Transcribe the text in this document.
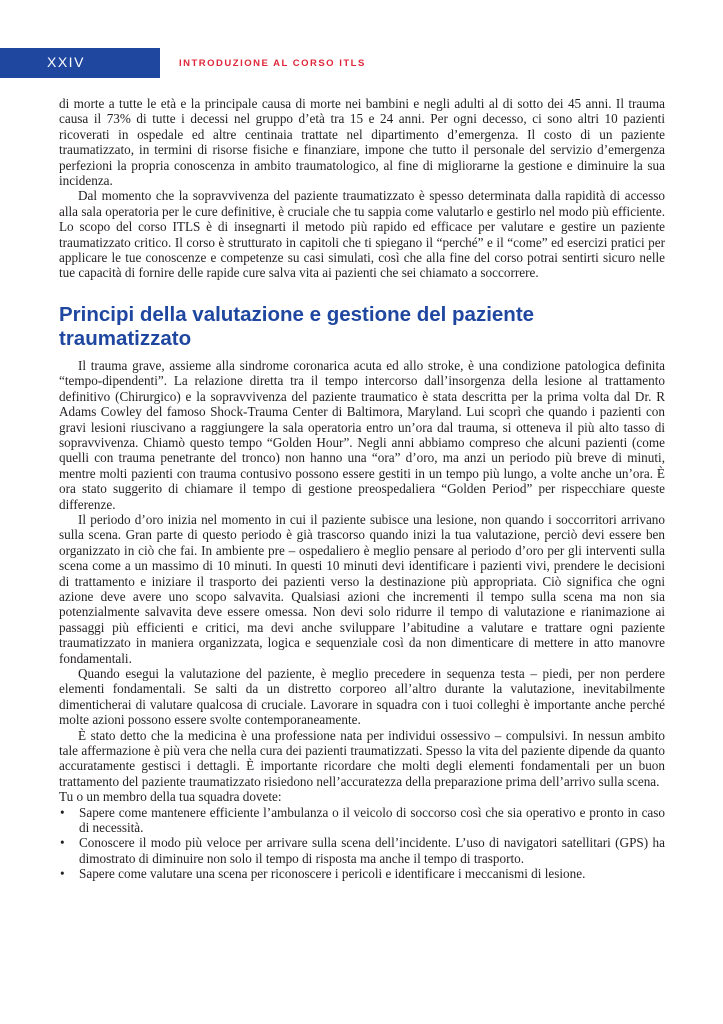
XXIV	INTRODUZIONE AL CORSO ITLS

di morte a tutte le età e la principale causa di morte nei bambini e negli adulti al di sotto dei 45 anni. Il trauma causa il 73% di tutte i decessi nel gruppo d’età tra 15 e 24 anni. Per ogni decesso, ci sono altri 10 pazienti ricoverati in ospedale ed altre centinaia trattate nel dipartimento d’emergenza. Il costo di un paziente traumatizzato, in termini di risorse fisiche e finanziare, impone che tutto il personale del servizio d’emergenza perfezioni la propria conoscenza in ambito traumatologico, al fine di migliorarne la gestione e diminuire la sua incidenza.

Dal momento che la sopravvivenza del paziente traumatizzato è spesso determinata dalla rapidità di accesso alla sala operatoria per le cure definitive, è cruciale che tu sappia come valutarlo e gestirlo nel modo più efficiente. Lo scopo del corso ITLS è di insegnarti il metodo più rapido ed efficace per valutare e gestire un paziente traumatizzato critico. Il corso è strutturato in capitoli che ti spiegano il “perché” e il “come” ed esercizi pratici per applicare le tue conoscenze e competenze su casi simulati, così che alla fine del corso potrai sentirti sicuro nelle tue capacità di fornire delle rapide cure salva vita ai pazienti che sei chiamato a soccorrere.

Principi della valutazione e gestione del paziente traumatizzato

Il trauma grave, assieme alla sindrome coronarica acuta ed allo stroke, è una condizione patologica definita “tempo-dipendenti”. La relazione diretta tra il tempo intercorso dall’insorgenza della lesione al trattamento definitivo (Chirurgico) e la sopravvivenza del paziente traumatico è stata descritta per la prima volta dal Dr. R Adams Cowley del famoso Shock-Trauma Center di Baltimora, Maryland. Lui scoprì che quando i pazienti con gravi lesioni riuscivano a raggiungere la sala operatoria entro un’ora dal trauma, si otteneva il più alto tasso di sopravvivenza. Chiamò questo tempo “Golden Hour”. Negli anni abbiamo compreso che alcuni pazienti (come quelli con trauma penetrante del tronco) non hanno una “ora” d’oro, ma anzi un periodo più breve di minuti, mentre molti pazienti con trauma contusivo possono essere gestiti in un tempo più lungo, a volte anche un’ora. È ora stato suggerito di chiamare il tempo di gestione preospedaliera “Golden Period” per rispecchiare queste differenze.

Il periodo d’oro inizia nel momento in cui il paziente subisce una lesione, non quando i soccorritori arrivano sulla scena. Gran parte di questo periodo è già trascorso quando inizi la tua valutazione, perciò devi essere ben organizzato in ciò che fai. In ambiente pre – ospedaliero è meglio pensare al periodo d’oro per gli interventi sulla scena come a un massimo di 10 minuti. In questi 10 minuti devi identificare i pazienti vivi, prendere le decisioni di trattamento e iniziare il trasporto dei pazienti verso la destinazione più appropriata. Ciò significa che ogni azione deve avere uno scopo salvavita. Qualsiasi azioni che incrementi il tempo sulla scena ma non sia potenzialmente salvavita deve essere omessa. Non devi solo ridurre il tempo di valutazione e rianimazione ai passaggi più efficienti e critici, ma devi anche sviluppare l’abitudine a valutare e trattare ogni paziente traumatizzato in maniera organizzata, logica e sequenziale così da non dimenticare di mettere in atto manovre fondamentali.

Quando esegui la valutazione del paziente, è meglio precedere in sequenza testa – piedi, per non perdere elementi fondamentali. Se salti da un distretto corporeo all’altro durante la valutazione, inevitabilmente dimenticherai di valutare qualcosa di cruciale. Lavorare in squadra con i tuoi colleghi è importante anche perché molte azioni possono essere svolte contemporaneamente.

È stato detto che la medicina è una professione nata per individui ossessivo – compulsivi. In nessun ambito tale affermazione è più vera che nella cura dei pazienti traumatizzati. Spesso la vita del paziente dipende da quanto accuratamente gestisci i dettagli. È importante ricordare che molti degli elementi fondamentali per un buon trattamento del paziente traumatizzato risiedono nell’accuratezza della preparazione prima dell’arrivo sulla scena.

Tu o un membro della tua squadra dovete:

• Sapere come mantenere efficiente l’ambulanza o il veicolo di soccorso così che sia operativo e pronto in caso di necessità.
• Conoscere il modo più veloce per arrivare sulla scena dell’incidente. L’uso di navigatori satellitari (GPS) ha dimostrato di diminuire non solo il tempo di risposta ma anche il tempo di trasporto.
• Sapere come valutare una scena per riconoscere i pericoli e identificare i meccanismi di lesione.
